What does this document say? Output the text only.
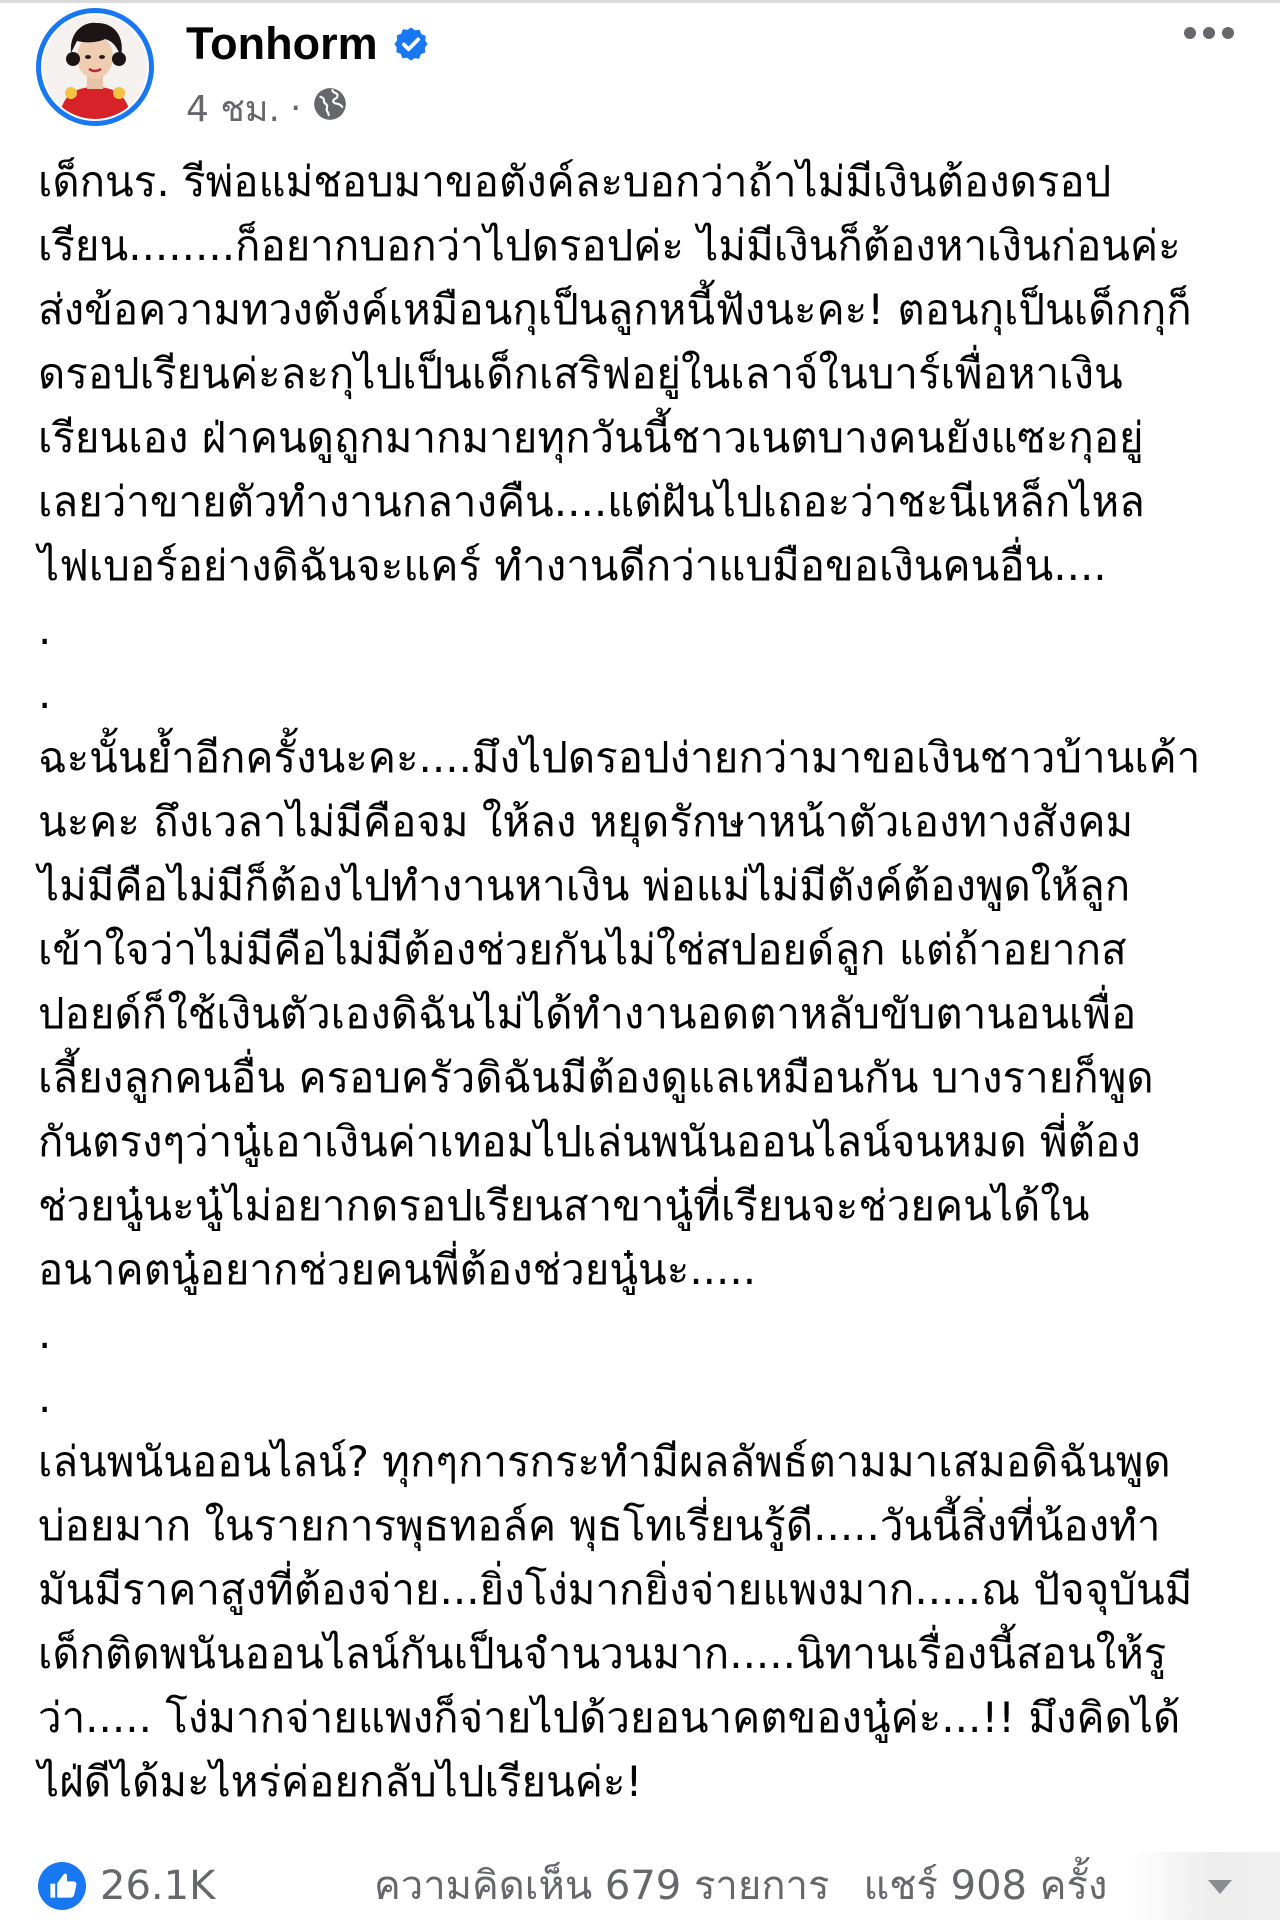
Tonhorm
4 ชม. ·
เด็กนร. รีพ่อแม่ชอบมาขอตังค์ละบอกว่าถ้าไม่มีเงินต้องดรอป
เรียน........ก็อยากบอกว่าไปดรอปค่ะ ไม่มีเงินก็ต้องหาเงินก่อนค่ะ
ส่งข้อความทวงตังค์เหมือนกุเป็นลูกหนี้ฟังนะคะ! ตอนกุเป็นเด็กกุก็
ดรอปเรียนค่ะละกุไปเป็นเด็กเสริฟอยู่ในเลาจ์ในบาร์เพื่อหาเงิน
เรียนเอง ฝ่าคนดูถูกมากมายทุกวันนี้ชาวเนตบางคนยังแซะกุอยู่
เลยว่าขายตัวทำงานกลางคืน....แต่ฝันไปเถอะว่าชะนีเหล็กไหล
ไฟเบอร์อย่างดิฉันจะแคร์ ทำงานดีกว่าแบมือขอเงินคนอื่น....
.
.
ฉะนั้นย้ำอีกครั้งนะคะ....มึงไปดรอปง่ายกว่ามาขอเงินชาวบ้านเค้า
นะคะ ถึงเวลาไม่มีคือจม ให้ลง หยุดรักษาหน้าตัวเองทางสังคม
ไม่มีคือไม่มีก็ต้องไปทำงานหาเงิน พ่อแม่ไม่มีตังค์ต้องพูดให้ลูก
เข้าใจว่าไม่มีคือไม่มีต้องช่วยกันไม่ใช่สปอยด์ลูก แต่ถ้าอยากส
ปอยด์ก็ใช้เงินตัวเองดิฉันไม่ได้ทำงานอดตาหลับขับตานอนเพื่อ
เลี้ยงลูกคนอื่น ครอบครัวดิฉันมีต้องดูแลเหมือนกัน บางรายก็พูด
กันตรงๆว่านู๋เอาเงินค่าเทอมไปเล่นพนันออนไลน์จนหมด พี่ต้อง
ช่วยนู๋นะนู๋ไม่อยากดรอปเรียนสาขานู๋ที่เรียนจะช่วยคนได้ใน
อนาคตนู๋อยากช่วยคนพี่ต้องช่วยนู๋นะ.....
.
.
เล่นพนันออนไลน์? ทุกๆการกระทำมีผลลัพธ์ตามมาเสมอดิฉันพูด
บ่อยมาก ในรายการพุธทอล์ค พุธโทเรี่ยนรู้ดี.....วันนี้สิ่งที่น้องทำ
มันมีราคาสูงที่ต้องจ่าย...ยิ่งโง่มากยิ่งจ่ายแพงมาก.....ณ ปัจจุบันมี
เด็กติดพนันออนไลน์กันเป็นจำนวนมาก.....นิทานเรื่องนี้สอนให้รู
ว่า..... โง่มากจ่ายแพงก็จ่ายไปด้วยอนาคตของนู๋ค่ะ...!! มึงคิดได้
ไฝ่ดีได้มะไหร่ค่อยกลับไปเรียนค่ะ!
26.1K	ความคิดเห็น 679 รายการ แชร์ 908 ครั้ง
